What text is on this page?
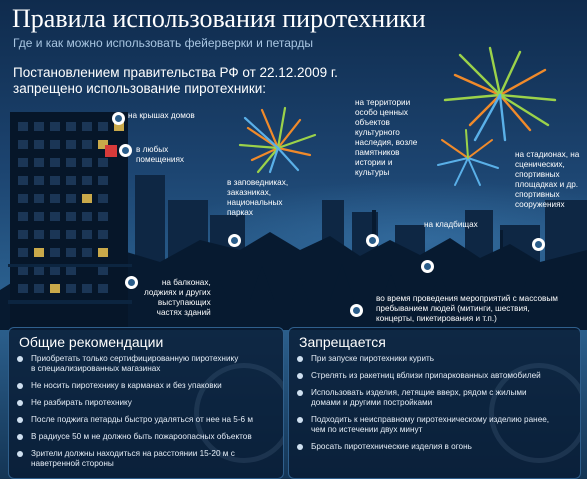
Правила использования пиротехники
Где и как можно использовать фейерверки и петарды
Постановлением правительства РФ от 22.12.2009 г.
запрещено использование пиротехники:
на крышах домов
в любых
помещениях
в заповедниках,
заказниках,
национальных
парках
на территории
особо ценных
объектов
культурного
наследия, возле
памятников
истории и
культуры
на стадионах, на
сценических,
спортивных
площадках и др.
спортивных
сооружениях
на кладбищах
на балконах,
лоджиях и других
выступающих
частях зданий
во время проведения мероприятий с массовым
пребыванием людей (митинги, шествия,
концерты, пикетирования и т.п.)
Общие рекомендации
Приобретать только сертифицированную пиротехнику
в специализированных магазинах
Не носить пиротехнику в карманах и без упаковки
Не разбирать пиротехнику
После поджига петарды быстро удаляться от нее на 5-6 м
В радиусе 50 м не должно быть пожароопасных объектов
Зрители должны находиться на расстоянии 15-20 м с
наветренной стороны
Запрещается
При запуске пиротехники курить
Стрелять из ракетниц вблизи припаркованных автомобилей
Использовать изделия, летящие вверх, рядом с жилыми
домами и другими постройками
Подходить к неисправному пиротехническому изделию ранее,
чем по истечении двух минут
Бросать пиротехнические изделия в огонь
